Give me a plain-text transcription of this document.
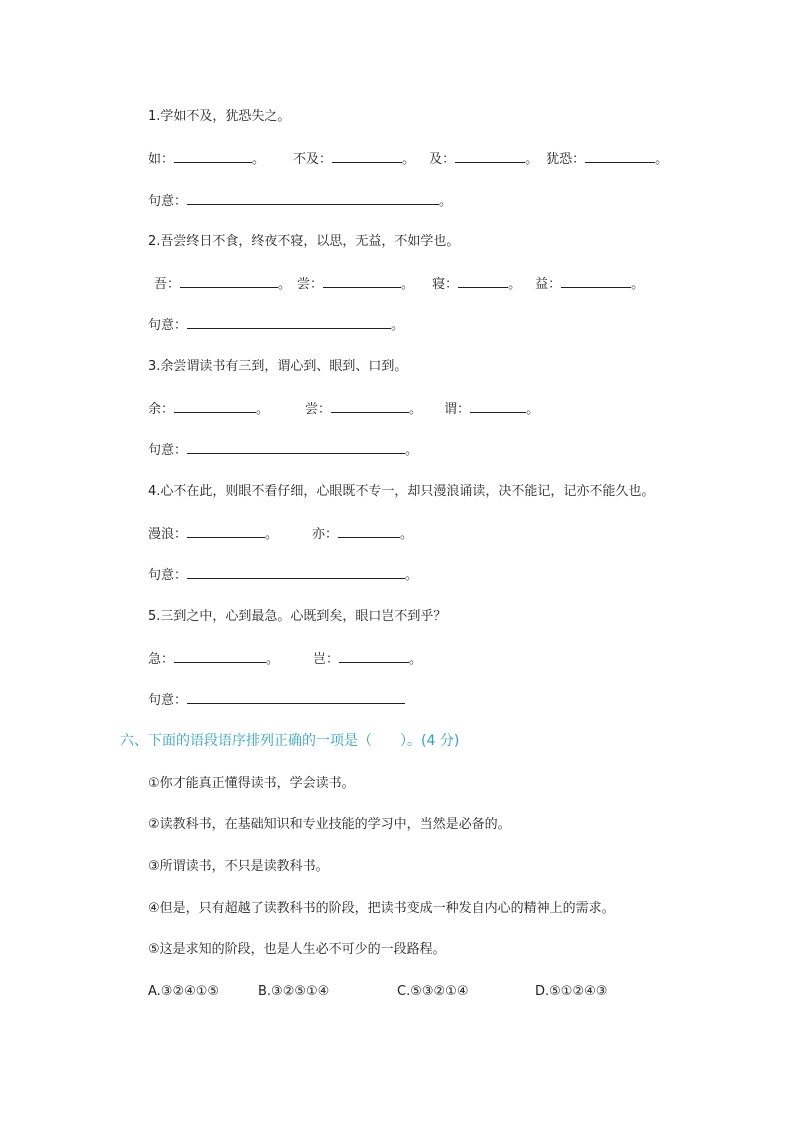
1.学如不及，犹恐失之。
如：	。 不及：	。 及：	。 犹恐：	。
句意：	。
2.吾尝终日不食，终夜不寝，以思，无益，不如学也。
吾：	。 尝：	。 寝：	。 益：	。
句意：	。
3.余尝谓读书有三到，谓心到、眼到、口到。
余：	。	尝：	。 谓：	。
句意：	。
4.心不在此，则眼不看仔细，心眼既不专一，却只漫浪诵读，决不能记，记亦不能久也。
漫浪：	。	亦：	。
句意：	。
5.三到之中，心到最急。心既到矣，眼口岂不到乎？
急：	。	岂：	。
句意：
六、下面的语段语序排列正确的一项是（　　）。(4 分)
①你才能真正懂得读书，学会读书。
②读教科书，在基础知识和专业技能的学习中，当然是必备的。
③所谓读书，不只是读教科书。
④但是，只有超越了读教科书的阶段，把读书变成一种发自内心的精神上的需求。
⑤这是求知的阶段，也是人生必不可少的一段路程。
A.③②④①⑤	B.③②⑤①④	C.⑤③②①④	D.⑤①②④③
